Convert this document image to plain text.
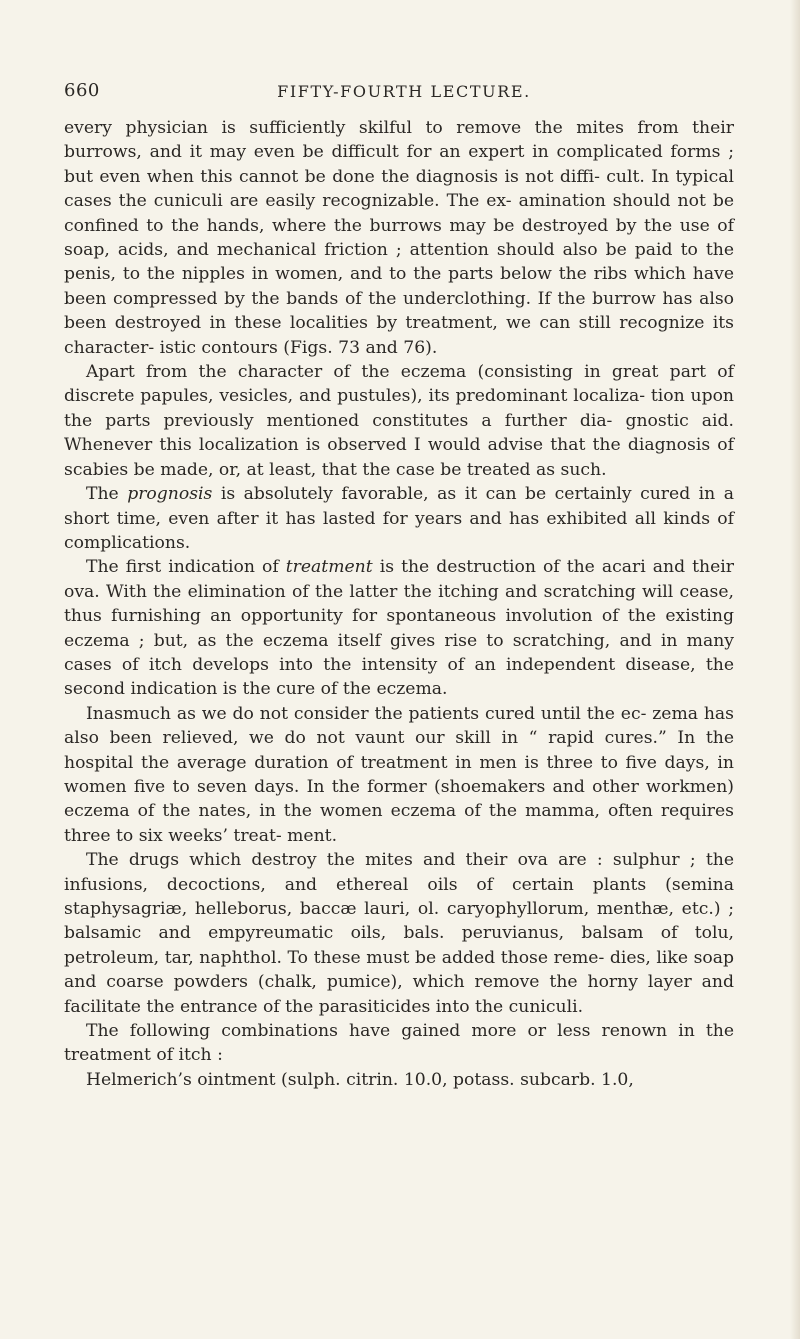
660	FIFTY-FOURTH LECTURE.

every physician is sufficiently skilful to remove the mites from their burrows, and it may even be difficult for an expert in complicated forms ; but even when this cannot be done the diagnosis is not diffi- cult. In typical cases the cuniculi are easily recognizable. The ex- amination should not be confined to the hands, where the burrows may be destroyed by the use of soap, acids, and mechanical friction ; attention should also be paid to the penis, to the nipples in women, and to the parts below the ribs which have been compressed by the bands of the underclothing. If the burrow has also been destroyed in these localities by treatment, we can still recognize its character- istic contours (Figs. 73 and 76).

Apart from the character of the eczema (consisting in great part of discrete papules, vesicles, and pustules), its predominant localiza- tion upon the parts previously mentioned constitutes a further dia- gnostic aid. Whenever this localization is observed I would advise that the diagnosis of scabies be made, or, at least, that the case be treated as such.

The prognosis is absolutely favorable, as it can be certainly cured in a short time, even after it has lasted for years and has exhibited all kinds of complications.

The first indication of treatment is the destruction of the acari and their ova. With the elimination of the latter the itching and scratching will cease, thus furnishing an opportunity for spontaneous involution of the existing eczema ; but, as the eczema itself gives rise to scratching, and in many cases of itch develops into the intensity of an independent disease, the second indication is the cure of the eczema.

Inasmuch as we do not consider the patients cured until the ec- zema has also been relieved, we do not vaunt our skill in “ rapid cures.” In the hospital the average duration of treatment in men is three to five days, in women five to seven days. In the former (shoemakers and other workmen) eczema of the nates, in the women eczema of the mamma, often requires three to six weeks’ treat- ment.

The drugs which destroy the mites and their ova are : sulphur ; the infusions, decoctions, and ethereal oils of certain plants (semina staphysagriæ, helleborus, baccæ lauri, ol. caryophyllorum, menthæ, etc.) ; balsamic and empyreumatic oils, bals. peruvianus, balsam of tolu, petroleum, tar, naphthol. To these must be added those reme- dies, like soap and coarse powders (chalk, pumice), which remove the horny layer and facilitate the entrance of the parasiticides into the cuniculi.

The following combinations have gained more or less renown in the treatment of itch :

Helmerich’s ointment (sulph. citrin. 10.0, potass. subcarb. 1.0,
